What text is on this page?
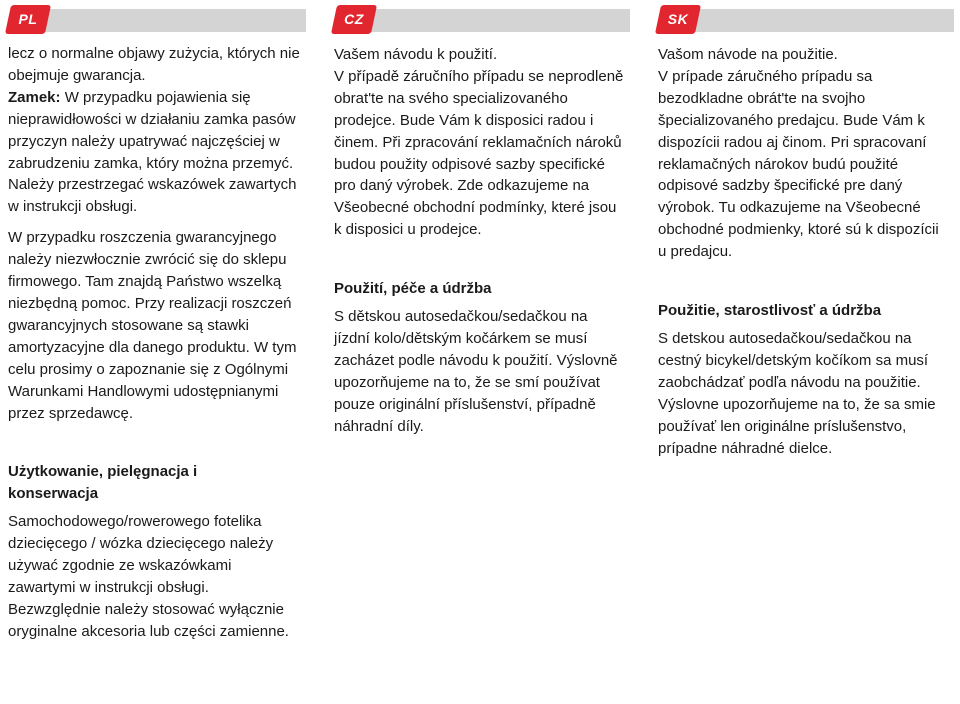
PL

lecz o normalne objawy zużycia, których nie obejmuje gwarancja.

Zamek: W przypadku pojawienia się nieprawidłowości w działaniu zamka pasów przyczyn należy upatrywać najczęściej w zabrudzeniu zamka, który można przemyć. Należy przestrzegać wskazówek zawartych w instrukcji obsługi.

W przypadku roszczenia gwarancyjnego należy niezwłocznie zwrócić się do sklepu firmowego. Tam znajdą Państwo wszelką niezbędną pomoc. Przy realizacji roszczeń gwarancyjnych stosowane są stawki amortyzacyjne dla danego produktu. W tym celu prosimy o zapoznanie się z Ogólnymi Warunkami Handlowymi udostępnianymi przez sprzedawcę.

Użytkowanie, pielęgnacja i konserwacja

Samochodowego/rowerowego fotelika dziecięcego / wózka dziecięcego należy używać zgodnie ze wskazówkami zawartymi w instrukcji obsługi. Bezwzględnie należy stosować wyłącznie oryginalne akcesoria lub części zamienne.

CZ

Vašem návodu k použití.

V případě záručního případu se neprodleně obrat'te na svého specializovaného prodejce. Bude Vám k disposici radou i činem. Při zpracování reklamačních nároků budou použity odpisové sazby specifické pro daný výrobek. Zde odkazujeme na Všeobecné obchodní podmínky, které jsou k disposici u prodejce.

Použití, péče a údržba

S dětskou autosedačkou/sedačkou na jízdní kolo/dětským kočárkem se musí zacházet podle návodu k použití. Výslovně upozorňujeme na to, že se smí používat pouze originální příslušenství, případně náhradní díly.

SK

Vašom návode na použitie.

V prípade záručného prípadu sa bezodkladne obrát'te na svojho špecializovaného predajcu. Bude Vám k dispozícii radou aj činom. Pri spracovaní reklamačných nárokov budú použité odpisové sadzby špecifické pre daný výrobok. Tu odkazujeme na Všeobecné obchodné podmienky, ktoré sú k dispozícii u predajcu.

Použitie, starostlivosť a údržba

S detskou autosedačkou/sedačkou na cestný bicykel/detským kočíkom sa musí zaobchádzať podľa návodu na použitie. Výslovne upozorňujeme na to, že sa smie používať len originálne príslušenstvo, prípadne náhradné dielce.
